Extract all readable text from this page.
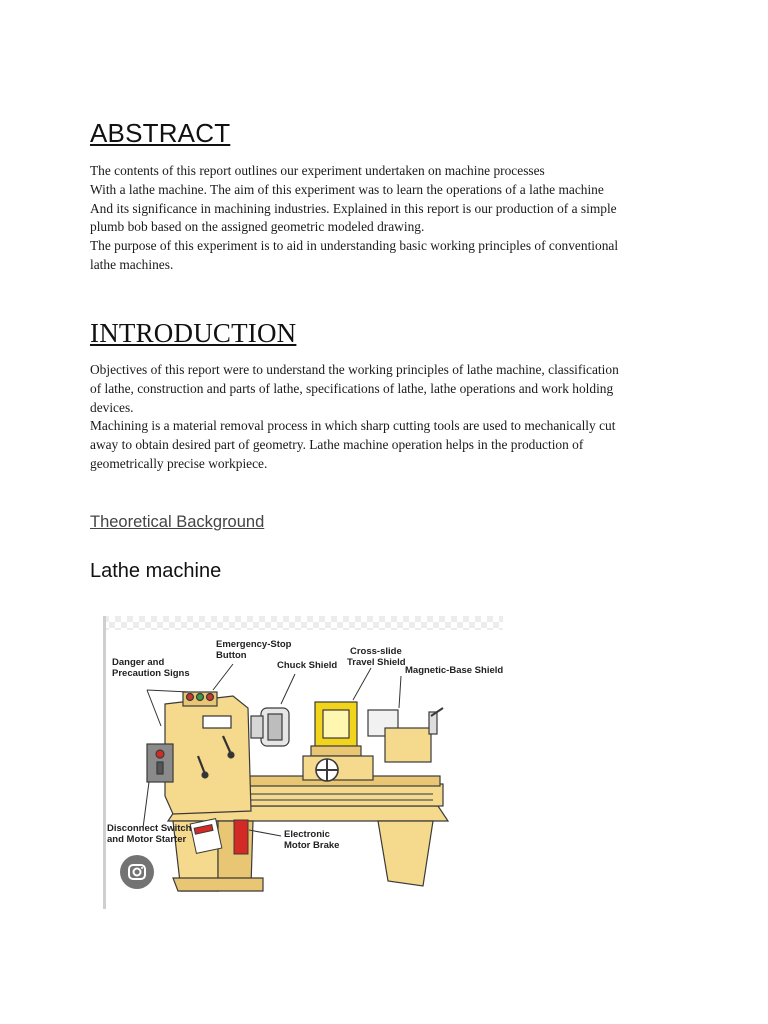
ABSTRACT
The contents of this report outlines our experiment undertaken on machine processes
With a lathe machine. The aim of this experiment was to learn the operations of a lathe machine
And its significance in machining industries. Explained in this report is our production of a simple
plumb bob based on the assigned geometric modeled drawing.
The purpose of this experiment is to aid in understanding basic working principles of conventional
lathe machines.
INTRODUCTION
Objectives of this report were to understand the working principles of lathe machine, classification
of lathe, construction and parts of lathe, specifications of lathe, lathe operations and work holding
devices.
Machining is a material removal process in which sharp cutting tools are used to mechanically cut
away to obtain desired part of geometry. Lathe machine operation helps in the production of
geometrically precise workpiece.
Theoretical Background
Lathe machine
Emergency-Stop
Button
Danger and
Precaution Signs
Chuck Shield
Cross-slide
Travel Shield
Magnetic-Base Shield
Disconnect Switch
and Motor Starter	Electronic
Motor Brake
